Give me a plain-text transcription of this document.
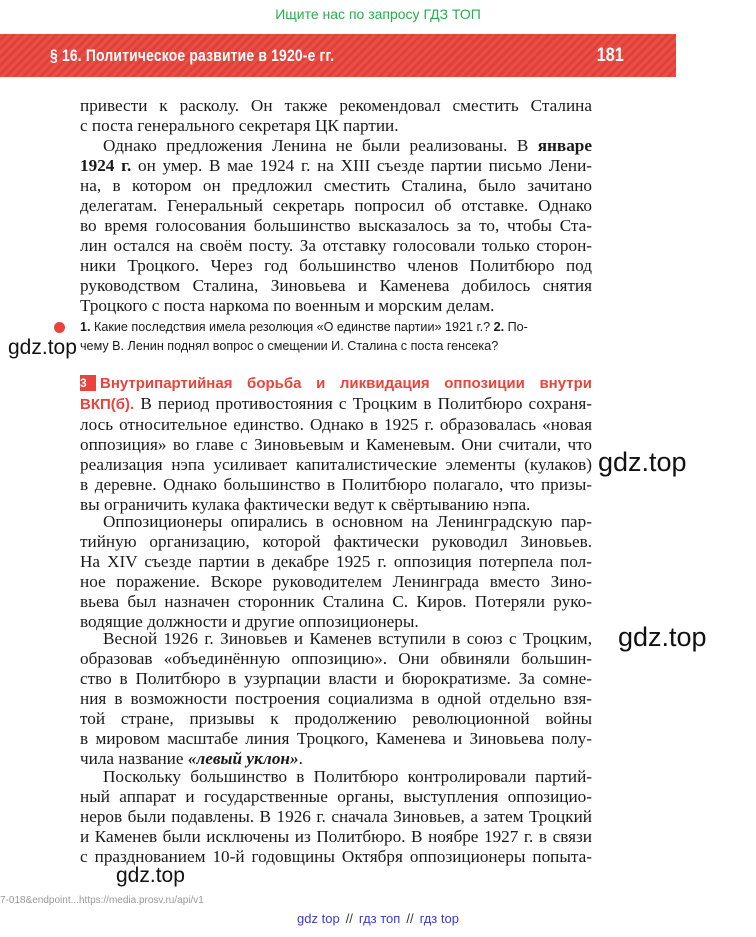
Ищите нас по запросу ГДЗ ТОП
§ 16. Политическое развитие в 1920-е гг.	181
привести к расколу. Он также рекомендовал сместить Сталина
с поста генерального секретаря ЦК партии.
Однако предложения Ленина не были реализованы. В январе
1924 г. он умер. В мае 1924 г. на XIII съезде партии письмо Лени-
на, в котором он предложил сместить Сталина, было зачитано
делегатам. Генеральный секретарь попросил об отставке. Однако
во время голосования большинство высказалось за то, чтобы Ста-
лин остался на своём посту. За отставку голосовали только сторон-
ники Троцкого. Через год большинство членов Политбюро под
руководством Сталина, Зиновьева и Каменева добилось снятия
Троцкого с поста наркома по военным и морским делам.
1. Какие последствия имела резолюция «О единстве партии» 1921 г.? 2. По-
чему В. Ленин поднял вопрос о смещении И. Сталина с поста генсека?
3 Внутрипартийная борьба и ликвидация оппозиции внутри
ВКП(б). В период противостояния с Троцким в Политбюро сохраня-
лось относительное единство. Однако в 1925 г. образовалась «новая
оппозиция» во главе с Зиновьевым и Каменевым. Они считали, что
реализация нэпа усиливает капиталистические элементы (кулаков)
в деревне. Однако большинство в Политбюро полагало, что призы-
вы ограничить кулака фактически ведут к свёртыванию нэпа.
Оппозиционеры опирались в основном на Ленинградскую пар-
тийную организацию, которой фактически руководил Зиновьев.
На XIV съезде партии в декабре 1925 г. оппозиция потерпела пол-
ное поражение. Вскоре руководителем Ленинграда вместо Зино-
вьева был назначен сторонник Сталина С. Киров. Потеряли руко-
водящие должности и другие оппозиционеры.
Весной 1926 г. Зиновьев и Каменев вступили в союз с Троцким,
образовав «объединённую оппозицию». Они обвиняли большин-
ство в Политбюро в узурпации власти и бюрократизме. За сомне-
ния в возможности построения социализма в одной отдельно взя-
той стране, призывы к продолжению революционной войны
в мировом масштабе линия Троцкого, Каменева и Зиновьева полу-
чила название «левый уклон».
Поскольку большинство в Политбюро контролировали партий-
ный аппарат и государственные органы, выступления оппозицио-
неров были подавлены. В 1926 г. сначала Зиновьев, а затем Троцкий
и Каменев были исключены из Политбюро. В ноябре 1927 г. в связи
с празднованием 10-й годовщины Октября оппозиционеры попыта-
gdz.top
gdz.top
gdz.top
gdz.top
7-018&endpoint...https://media.prosv.ru/api/v1
gdz top // гдз топ // гдз top
